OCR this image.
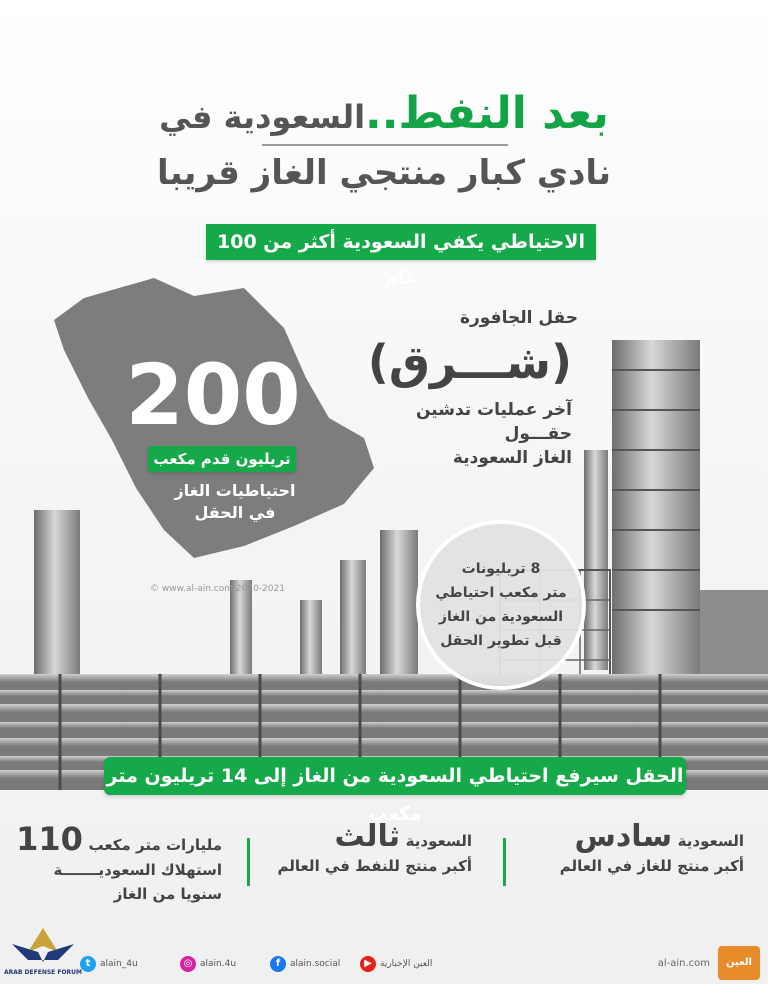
بعد النفط..السعودية في
نادي كبار منتجي الغاز قريبا
الاحتياطي يكفي السعودية أكثر من 100 عام
200
تريليون قدم مكعب
احتياطيات الغاز
في الحقل
© www.al-ain.com 2020-2021
حقل الجافورة
(شـــرق)
آخر عمليات تدشين
حقـــول
الغاز السعودية
8 تريليونات
متر مكعب احتياطي
السعودية من الغاز
قبل تطوير الحقل
الحقل سيرفع احتياطي السعودية من الغاز إلى 14 تريليون متر مكعب
السعودية سادس
أكبر منتج للغاز في العالم
السعودية ثالث
أكبر منتج للنفط في العالم
مليارات متر مكعب 110
استهلاك السعوديـــــــة
سنويا من الغاز
ARAB DEFENSE FORUM
t	alain_4u	◎ alain.4u	f	alain.social	▶ العين الإخبارية	al-ain.com	العين
